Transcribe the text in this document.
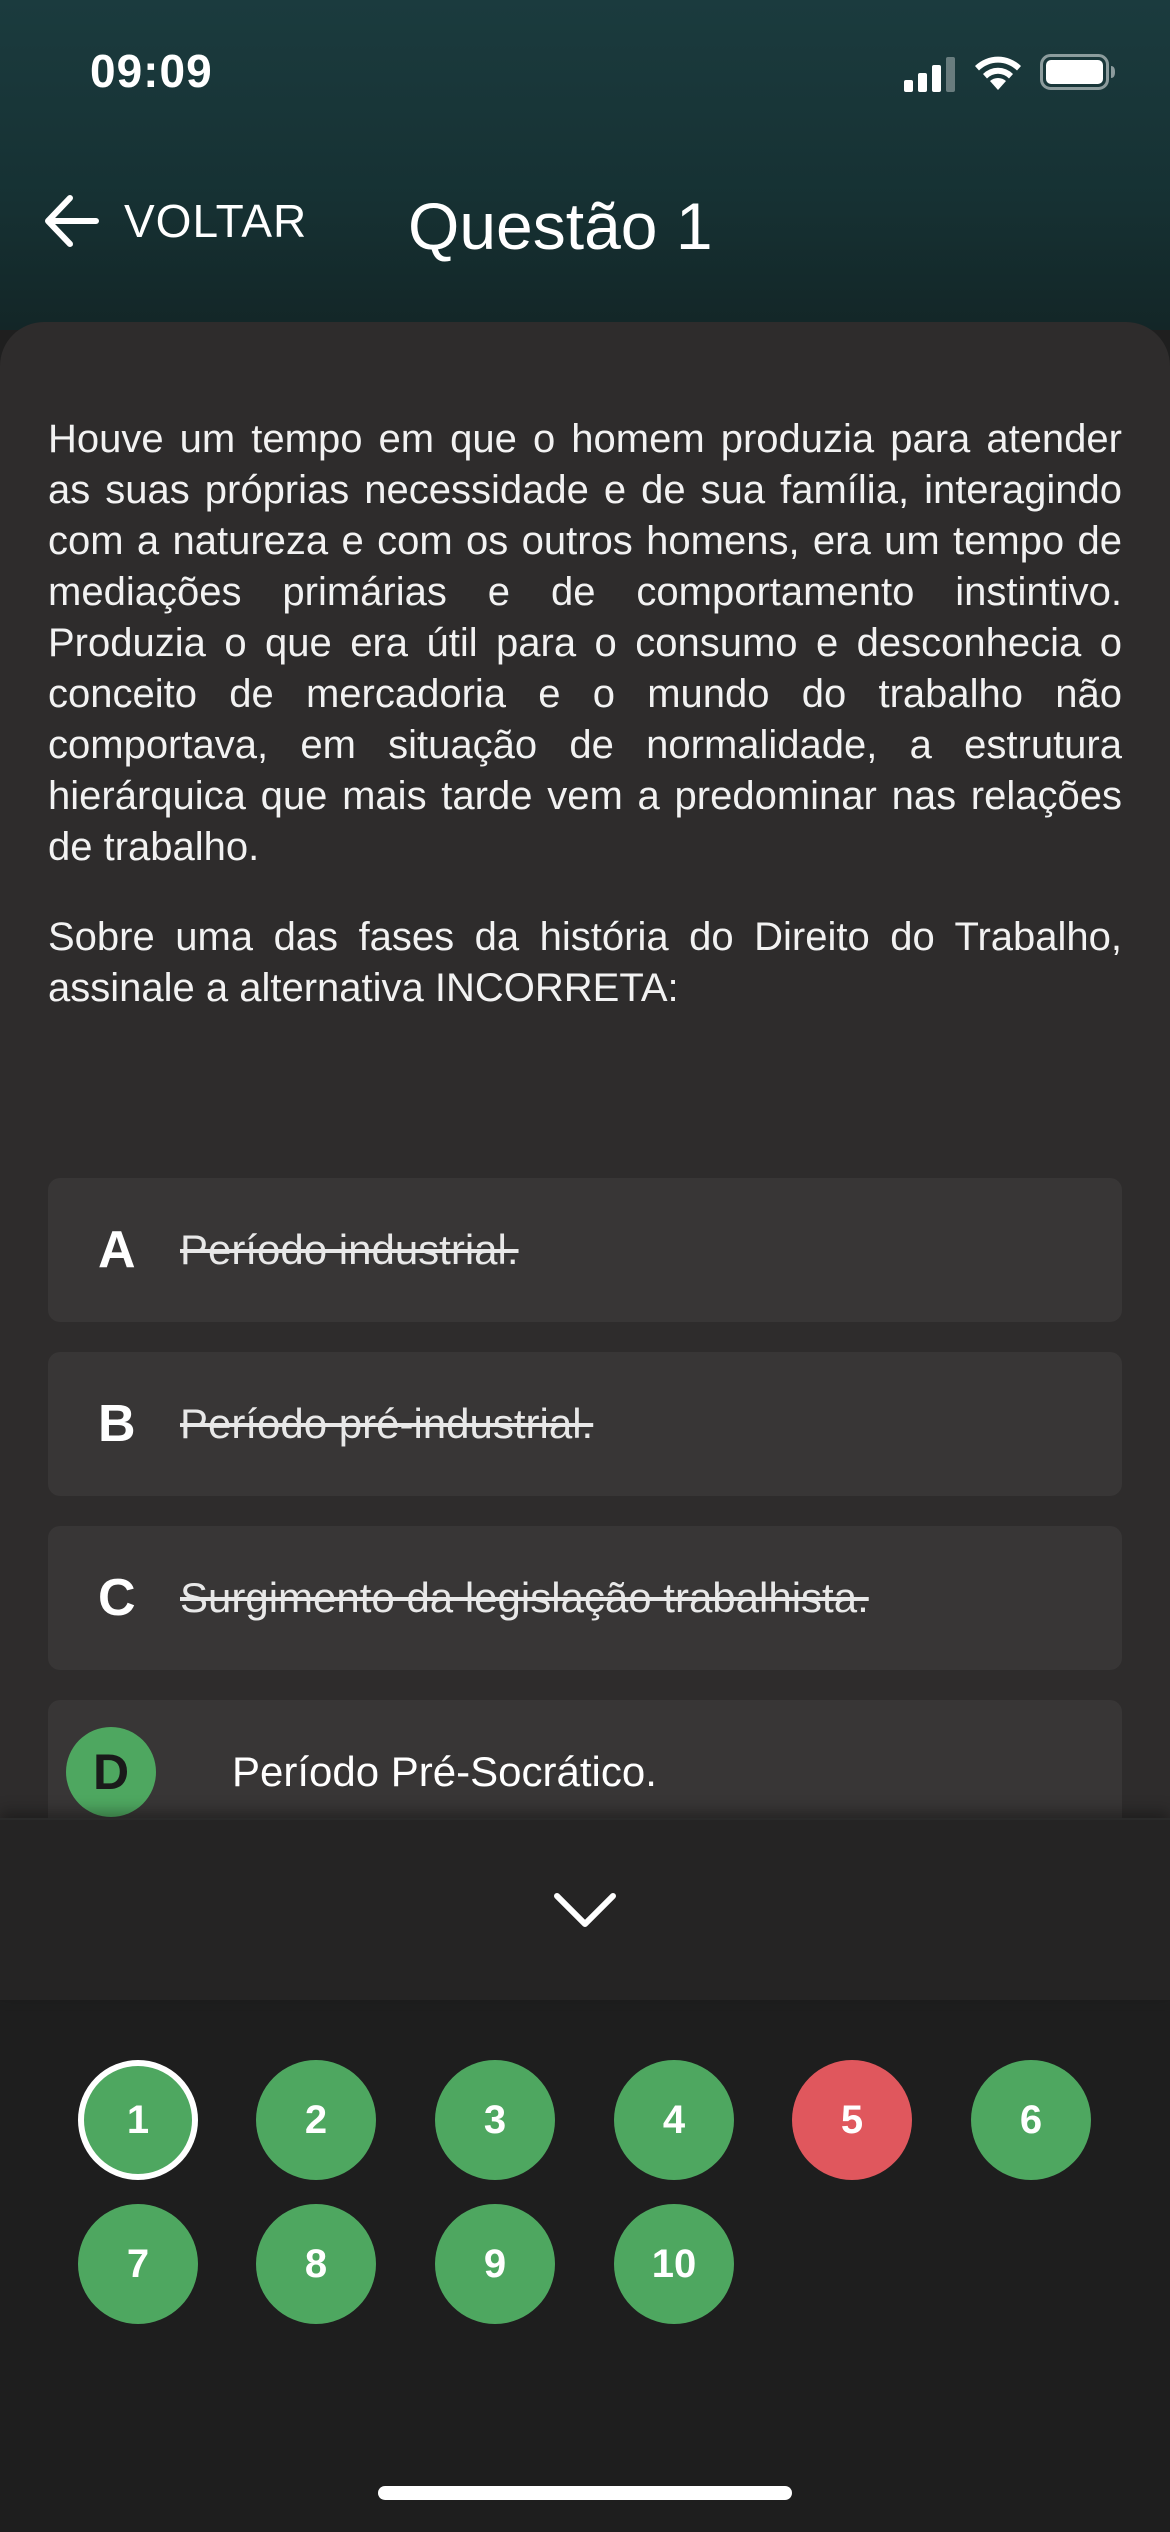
09:09
VOLTAR Questão 1

Houve um tempo em que o homem produzia para atender as suas próprias necessidade e de sua família, interagindo com a natureza e com os outros homens, era um tempo de mediações primárias e de comportamento instintivo. Produzia o que era útil para o consumo e desconhecia o conceito de mercadoria e o mundo do trabalho não comportava, em situação de normalidade, a estrutura hierárquica que mais tarde vem a predominar nas relações de trabalho.

Sobre uma das fases da história do Direito do Trabalho, assinale a alternativa INCORRETA:

A Período industrial.
B Período pré-industrial.
C Surgimento da legislação trabalhista.
D	Período Pré-Socrático.
1	2	3	4	5	6
7	8	9	10
